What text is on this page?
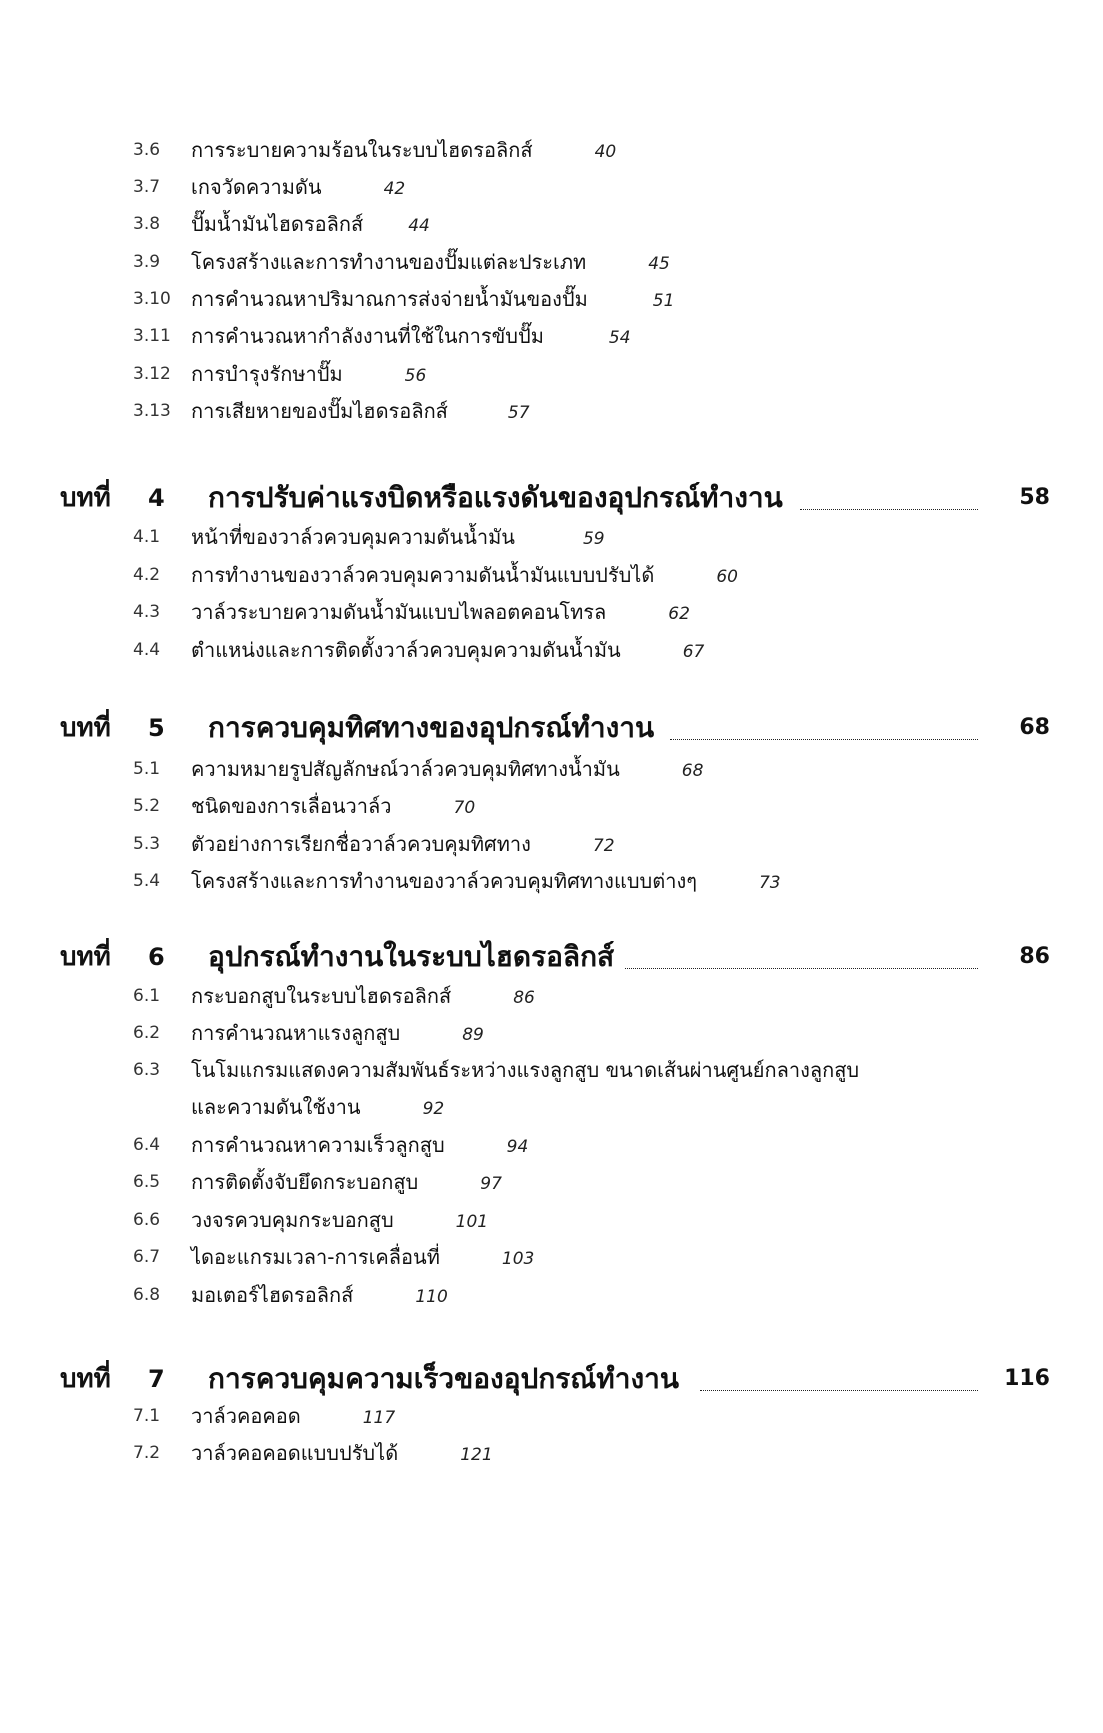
3.6 การระบายความร้อนในระบบไฮดรอลิกส์	40
3.7 เกจวัดความดัน	42
3.8 ปั๊มน้ำมันไฮดรอลิกส์	44
3.9 โครงสร้างและการทำงานของปั๊มแต่ละประเภท	45
3.10 การคำนวณหาปริมาณการส่งจ่ายน้ำมันของปั๊ม	51
3.11 การคำนวณหากำลังงานที่ใช้ในการขับปั๊ม	54
3.12 การบำรุงรักษาปั๊ม	56
3.13 การเสียหายของปั๊มไฮดรอลิกส์	57
บทที่ 4 การปรับค่าแรงบิดหรือแรงดันของอุปกรณ์ทำงาน	58
4.1 หน้าที่ของวาล์วควบคุมความดันน้ำมัน	59
4.2 การทำงานของวาล์วควบคุมความดันน้ำมันแบบปรับได้	60
4.3 วาล์วระบายความดันน้ำมันแบบไพลอตคอนโทรล	62
4.4 ตำแหน่งและการติดตั้งวาล์วควบคุมความดันน้ำมัน	67
บทที่ 5 การควบคุมทิศทางของอุปกรณ์ทำงาน	68
5.1 ความหมายรูปสัญลักษณ์วาล์วควบคุมทิศทางน้ำมัน	68
5.2 ชนิดของการเลื่อนวาล์ว	70
5.3 ตัวอย่างการเรียกชื่อวาล์วควบคุมทิศทาง	72
5.4 โครงสร้างและการทำงานของวาล์วควบคุมทิศทางแบบต่างๆ	73
บทที่ 6 อุปกรณ์ทำงานในระบบไฮดรอลิกส์	86
6.1 กระบอกสูบในระบบไฮดรอลิกส์	86
6.2 การคำนวณหาแรงลูกสูบ	89
6.3 โนโมแกรมแสดงความสัมพันธ์ระหว่างแรงลูกสูบ ขนาดเส้นผ่านศูนย์กลางลูกสูบ
และความดันใช้งาน	92
6.4 การคำนวณหาความเร็วลูกสูบ	94
6.5 การติดตั้งจับยึดกระบอกสูบ	97
6.6 วงจรควบคุมกระบอกสูบ	101
6.7 ไดอะแกรมเวลา-การเคลื่อนที่	103
6.8 มอเตอร์ไฮดรอลิกส์	110
บทที่ 7 การควบคุมความเร็วของอุปกรณ์ทำงาน	116
7.1 วาล์วคอคอด	117
7.2 วาล์วคอคอดแบบปรับได้	121
